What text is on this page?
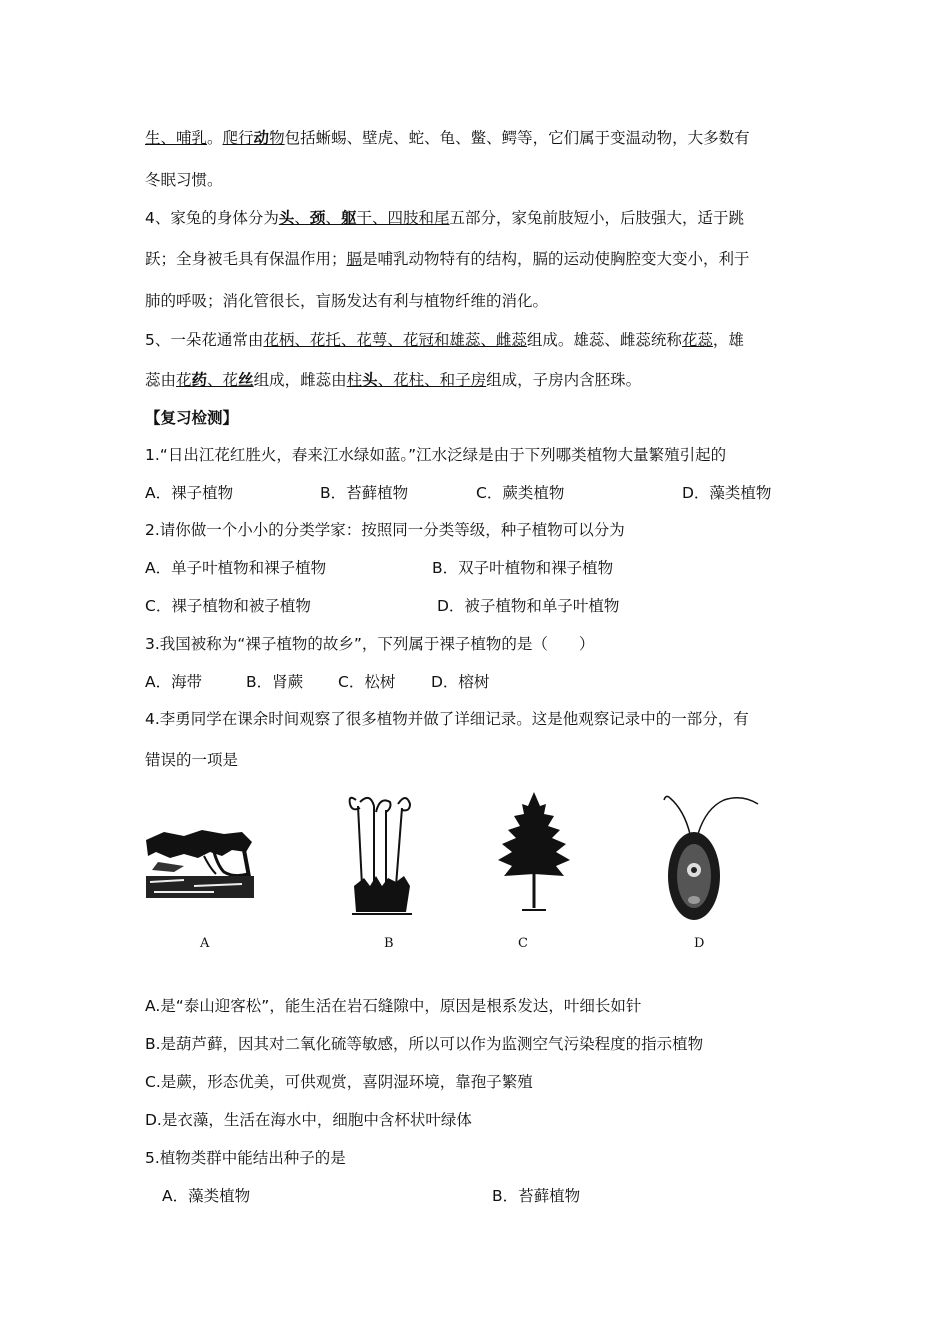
生、哺乳。爬行动物包括蜥蜴、壁虎、蛇、龟、鳖、鳄等，它们属于变温动物，大多数有
冬眠习惯。
4、家兔的身体分为头、颈、躯干、四肢和尾五部分，家兔前肢短小，后肢强大，适于跳
跃；全身被毛具有保温作用；膈是哺乳动物特有的结构，膈的运动使胸腔变大变小，利于
肺的呼吸；消化管很长，盲肠发达有利与植物纤维的消化。
5、一朵花通常由花柄、花托、花萼、花冠和雄蕊、雌蕊组成。雄蕊、雌蕊统称花蕊，雄
蕊由花药、花丝组成，雌蕊由柱头、花柱、和子房组成，子房内含胚珠。
【复习检测】
1.“日出江花红胜火，春来江水绿如蓝。”江水泛绿是由于下列哪类植物大量繁殖引起的
A．裸子植物	B．苔藓植物	C．蕨类植物	D．藻类植物
2.请你做一个小小的分类学家：按照同一分类等级，种子植物可以分为
A．单子叶植物和裸子植物	B．双子叶植物和裸子植物
C．裸子植物和被子植物	D．被子植物和单子叶植物
3.我国被称为“裸子植物的故乡”，下列属于裸子植物的是（　　）
A．海带	B．肾蕨 C．松树 D．榕树
4.李勇同学在课余时间观察了很多植物并做了详细记录。这是他观察记录中的一部分，有
错误的一项是
A	B	C	D
A.是“泰山迎客松”，能生活在岩石缝隙中，原因是根系发达，叶细长如针
B.是葫芦藓，因其对二氧化硫等敏感，所以可以作为监测空气污染程度的指示植物
C.是蕨，形态优美，可供观赏，喜阴湿环境，靠孢子繁殖
D.是衣藻，生活在海水中，细胞中含杯状叶绿体
5.植物类群中能结出种子的是
A．藻类植物	B．苔藓植物
